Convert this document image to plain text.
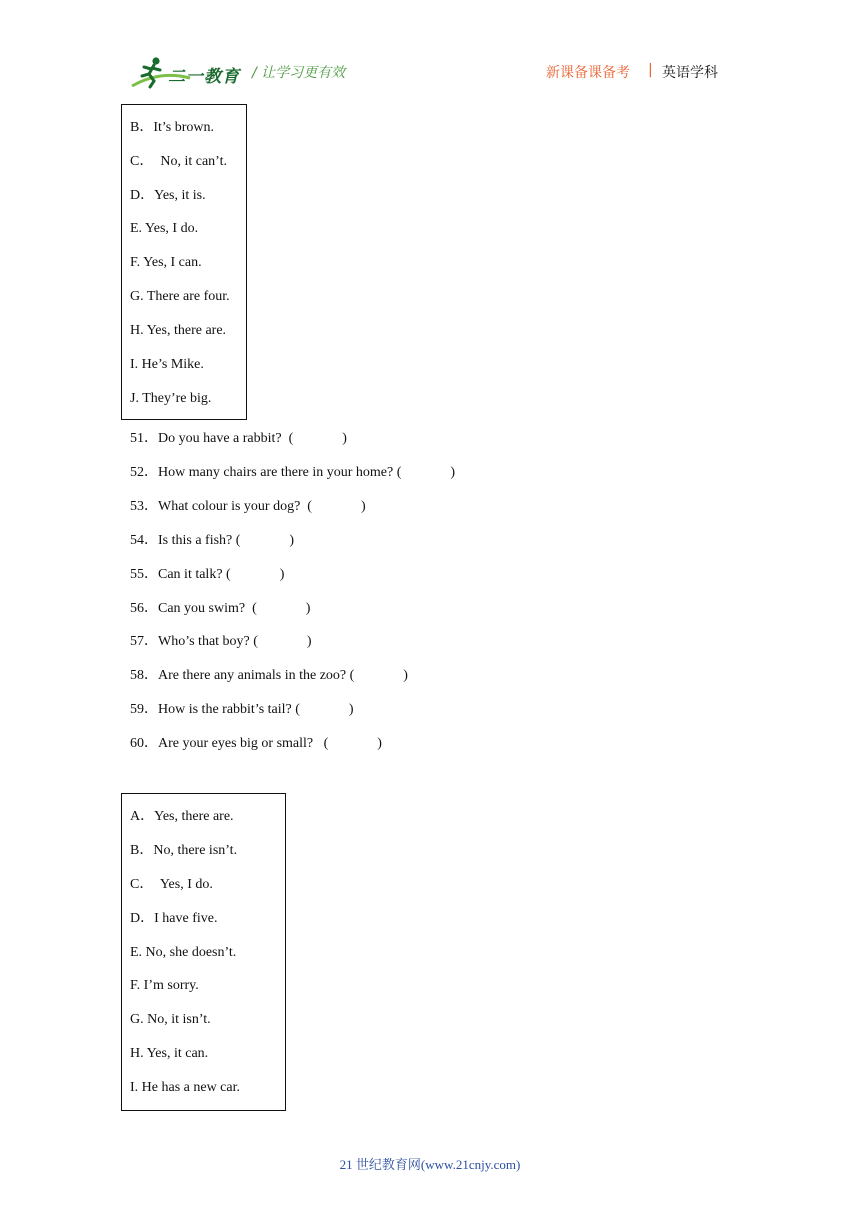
二一教育 / 让学习更有效	新课备课备考 | 英语学科
B．It’s brown.
C．  No, it can’t.
D．Yes, it is.
E. Yes, I do.
F. Yes, I can.
G. There are four.
H. Yes, there are.
I. He’s Mike.
J. They’re big.
51．Do you have a rabbit?  (              )
52．How many chairs are there in your home? (              )
53．What colour is your dog?  (              )
54．Is this a fish? (              )
55．Can it talk? (              )
56．Can you swim?  (              )
57．Who’s that boy? (              )
58．Are there any animals in the zoo? (              )
59．How is the rabbit’s tail? (              )
60．Are your eyes big or small?   (              )
A．Yes, there are.
B．No, there isn’t.
C．  Yes, I do.
D．I have five.
E. No, she doesn’t.
F. I’m sorry.
G. No, it isn’t.
H. Yes, it can.
I. He has a new car.
21 世纪教育网(www.21cnjy.com)
